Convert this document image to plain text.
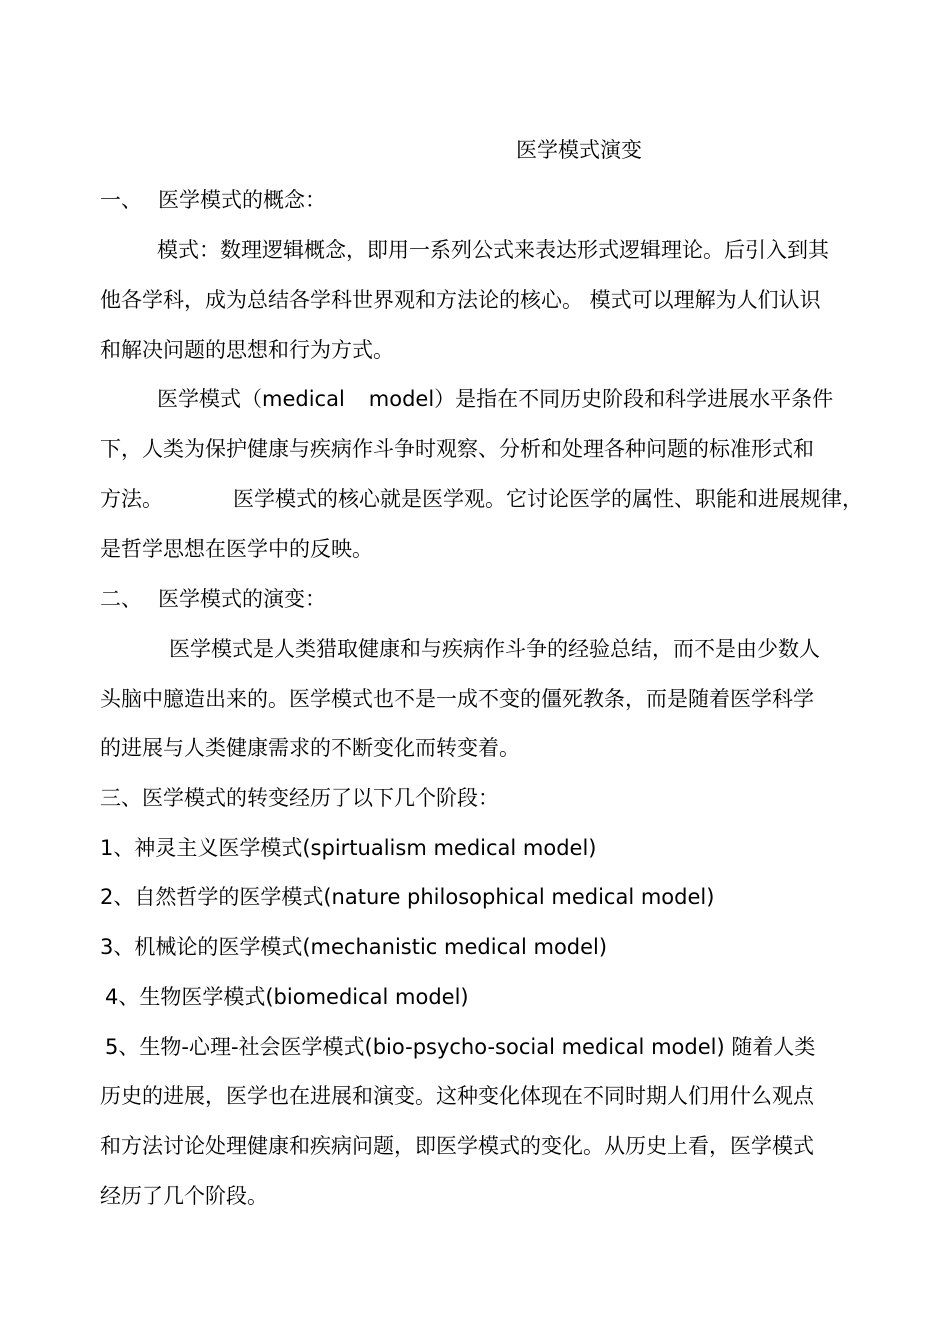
医学模式演变
一、 医学模式的概念：
模式：数理逻辑概念，即用一系列公式来表达形式逻辑理论。后引入到其
他各学科，成为总结各学科世界观和方法论的核心。 模式可以理解为人们认识
和解决问题的思想和行为方式。
医学模式（medical model）是指在不同历史阶段和科学进展水平条件
下，人类为保护健康与疾病作斗争时观察、分析和处理各种问题的标准形式和
方法。	医学模式的核心就是医学观。它讨论医学的属性、职能和进展规律，
是哲学思想在医学中的反映。
二、 医学模式的演变：
医学模式是人类猎取健康和与疾病作斗争的经验总结，而不是由少数人
头脑中臆造出来的。医学模式也不是一成不变的僵死教条，而是随着医学科学
的进展与人类健康需求的不断变化而转变着。
三、医学模式的转变经历了以下几个阶段：
1、神灵主义医学模式(spirtualism medical model)
2、自然哲学的医学模式(nature philosophical medical model)
3、机械论的医学模式(mechanistic medical model)
4、生物医学模式(biomedical model)
5、生物-心理-社会医学模式(bio-psycho-social medical model) 随着人类
历史的进展，医学也在进展和演变。这种变化体现在不同时期人们用什么观点
和方法讨论处理健康和疾病问题，即医学模式的变化。从历史上看，医学模式
经历了几个阶段。
